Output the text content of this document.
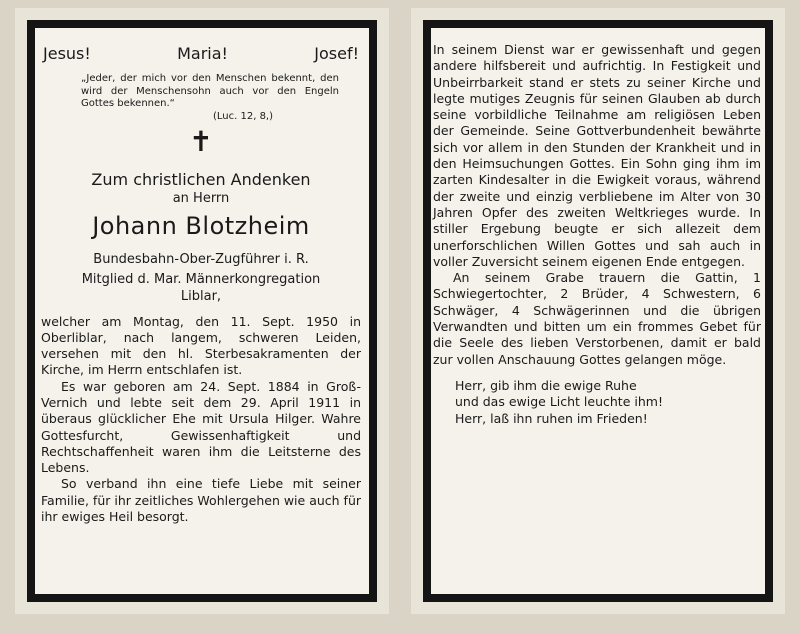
Jesus!	Maria!	Josef!
„Jeder, der mich vor den Menschen bekennt, den wird der Menschensohn auch vor den Engeln Gottes bekennen.“
(Luc. 12, 8,)
✝
Zum christlichen Andenken
an Herrn
Johann Blotzheim
Bundesbahn-Ober-Zugführer i. R.
Mitglied d. Mar. Männerkongregation
Liblar,

welcher am Montag, den 11. Sept. 1950 in Oberliblar, nach langem, schweren Leiden, versehen mit den hl. Sterbesakramenten der Kirche, im Herrn entschlafen ist.

Es war geboren am 24. Sept. 1884 in Groß-Vernich und lebte seit dem 29. April 1911 in überaus glücklicher Ehe mit Ursula Hilger. Wahre Gottesfurcht, Gewissenhaftigkeit und Rechtschaffenheit waren ihm die Leitsterne des Lebens.

So verband ihn eine tiefe Liebe mit seiner Familie, für ihr zeitliches Wohlergehen wie auch für ihr ewiges Heil besorgt.

In seinem Dienst war er gewissenhaft und gegen andere hilfsbereit und aufrichtig. In Festigkeit und Unbeirrbarkeit stand er stets zu seiner Kirche und legte mutiges Zeugnis für seinen Glauben ab durch seine vorbildliche Teilnahme am religiösen Leben der Gemeinde. Seine Gottverbundenheit bewährte sich vor allem in den Stunden der Krankheit und in den Heimsuchungen Gottes. Ein Sohn ging ihm im zarten Kindesalter in die Ewigkeit voraus, während der zweite und einzig verbliebene im Alter von 30 Jahren Opfer des zweiten Weltkrieges wurde. In stiller Ergebung beugte er sich allezeit dem unerforschlichen Willen Gottes und sah auch in voller Zuversicht seinem eigenen Ende entgegen.

An seinem Grabe trauern die Gattin, 1 Schwiegertochter, 2 Brüder, 4 Schwestern, 6 Schwäger, 4 Schwägerinnen und die übrigen Verwandten und bitten um ein frommes Gebet für die Seele des lieben Verstorbenen, damit er bald zur vollen Anschauung Gottes gelangen möge.

Herr, gib ihm die ewige Ruhe
und das ewige Licht leuchte ihm!
Herr, laß ihn ruhen im Frieden!
